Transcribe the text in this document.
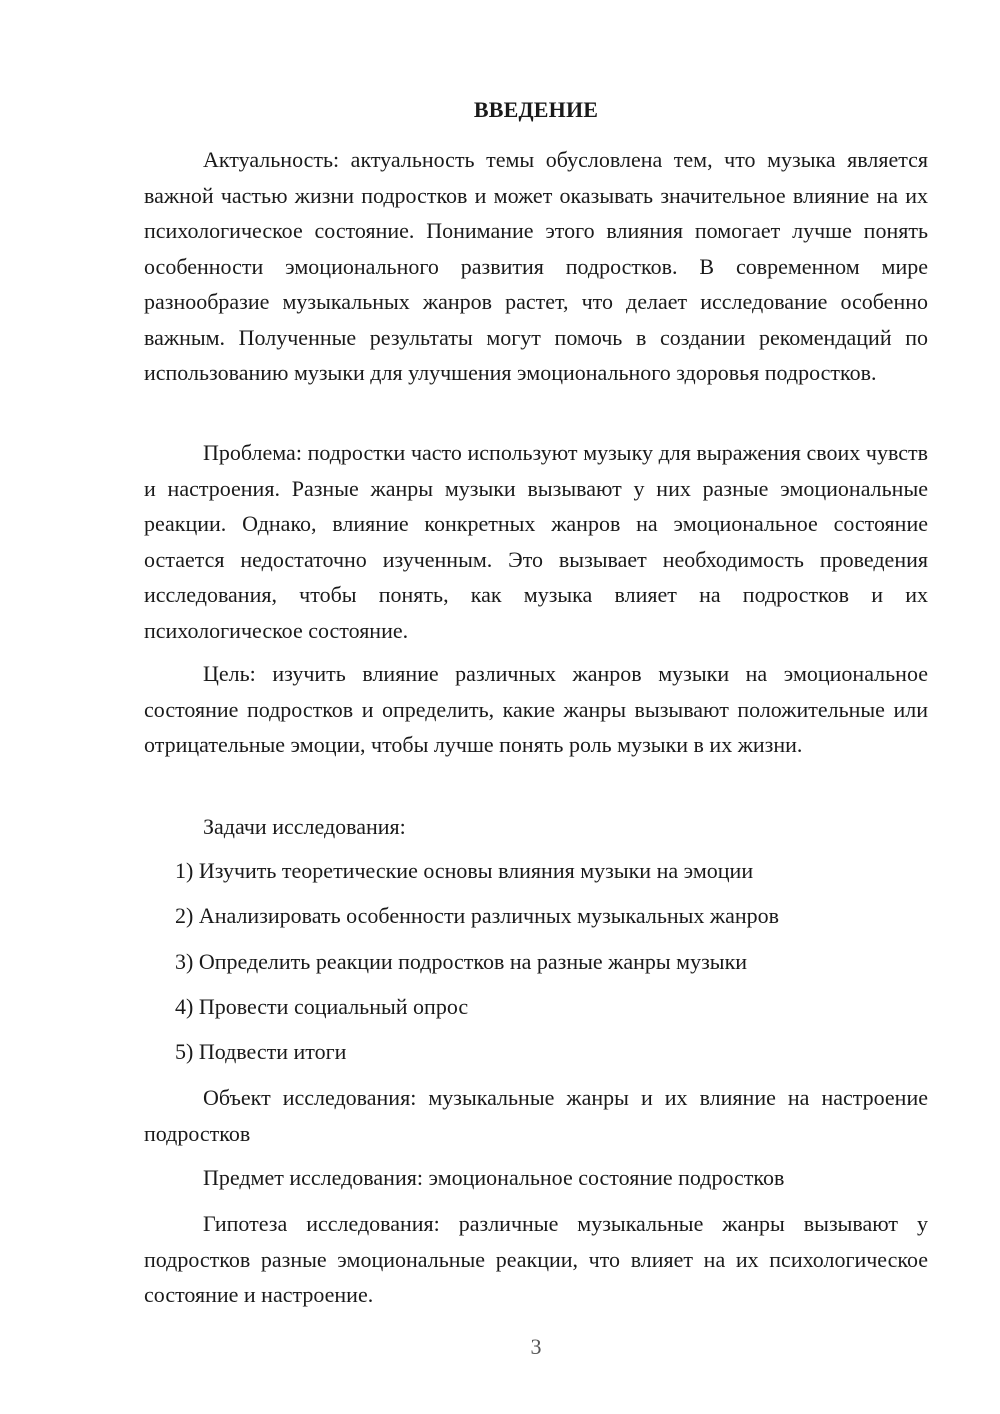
ВВЕДЕНИЕ

Актуальность: актуальность темы обусловлена тем, что музыка является важной частью жизни подростков и может оказывать значительное влияние на их психологическое состояние. Понимание этого влияния помогает лучше понять особенности эмоционального развития подростков. В современном мире разнообразие музыкальных жанров растет, что делает исследование особенно важным. Полученные результаты могут помочь в создании рекомендаций по использованию музыки для улучшения эмоционального здоровья подростков.

Проблема: подростки часто используют музыку для выражения своих чувств и настроения. Разные жанры музыки вызывают у них разные эмоциональные реакции. Однако, влияние конкретных жанров на эмоциональное состояние остается недостаточно изученным. Это вызывает необходимость проведения исследования, чтобы понять, как музыка влияет на подростков и их психологическое состояние.

Цель: изучить влияние различных жанров музыки на эмоциональное состояние подростков и определить, какие жанры вызывают положительные или отрицательные эмоции, чтобы лучше понять роль музыки в их жизни.

Задачи исследования:
1) Изучить теоретические основы влияния музыки на эмоции
2) Анализировать особенности различных музыкальных жанров
3) Определить реакции подростков на разные жанры музыки
4) Провести социальный опрос
5) Подвести итоги

Объект исследования: музыкальные жанры и их влияние на настроение подростков

Предмет исследования: эмоциональное состояние подростков

Гипотеза исследования: различные музыкальные жанры вызывают у подростков разные эмоциональные реакции, что влияет на их психологическое состояние и настроение.

3
